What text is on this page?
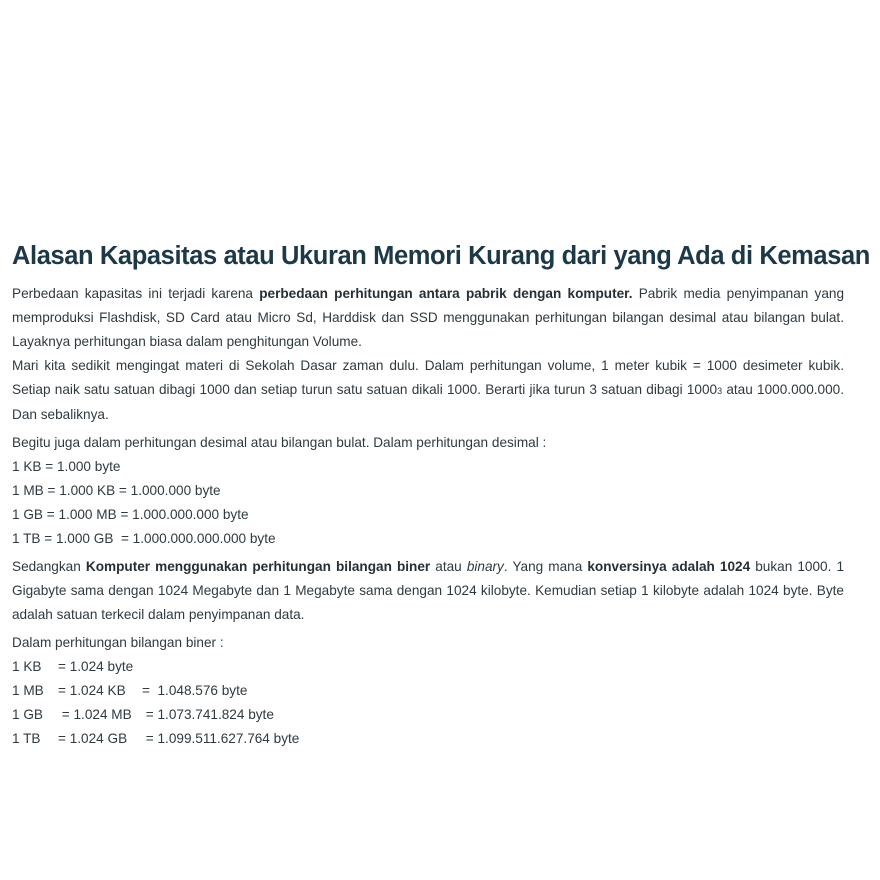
Alasan Kapasitas atau Ukuran Memori Kurang dari yang Ada di Kemasan

Perbedaan kapasitas ini terjadi karena perbedaan perhitungan antara pabrik dengan komputer. Pabrik media penyimpanan yang memproduksi Flashdisk, SD Card atau Micro Sd, Harddisk dan SSD menggunakan perhitungan bilangan desimal atau bilangan bulat. Layaknya perhitungan biasa dalam penghitungan Volume.

Mari kita sedikit mengingat materi di Sekolah Dasar zaman dulu. Dalam perhitungan volume, 1 meter kubik = 1000 desimeter kubik. Setiap naik satu satuan dibagi 1000 dan setiap turun satu satuan dikali 1000. Berarti jika turun 3 satuan dibagi 10003 atau 1000.000.000. Dan sebaliknya.

Begitu juga dalam perhitungan desimal atau bilangan bulat. Dalam perhitungan desimal :

1 KB	= 1.000 byte	

1 MB = 1.000 KB = 1.000.000 byte

1 GB = 1.000 MB = 1.000.000.000 byte

1 TB = 1.000 GB  = 1.000.000.000.000 byte

Sedangkan Komputer menggunakan perhitungan bilangan biner atau binary. Yang mana konversinya adalah 1024 bukan 1000. 1 Gigabyte sama dengan 1024 Megabyte dan 1 Megabyte sama dengan 1024 kilobyte. Kemudian setiap 1 kilobyte adalah 1024 byte. Byte adalah satuan terkecil dalam penyimpanan data.

Dalam perhitungan bilangan biner :

1 KB	= 1.024 byte	
1 MB	= 1.024 KB	=  1.048.576 byte
1 GB	= 1.024 MB	= 1.073.741.824 byte
1 TB	= 1.024 GB	= 1.099.511.627.764 byte
